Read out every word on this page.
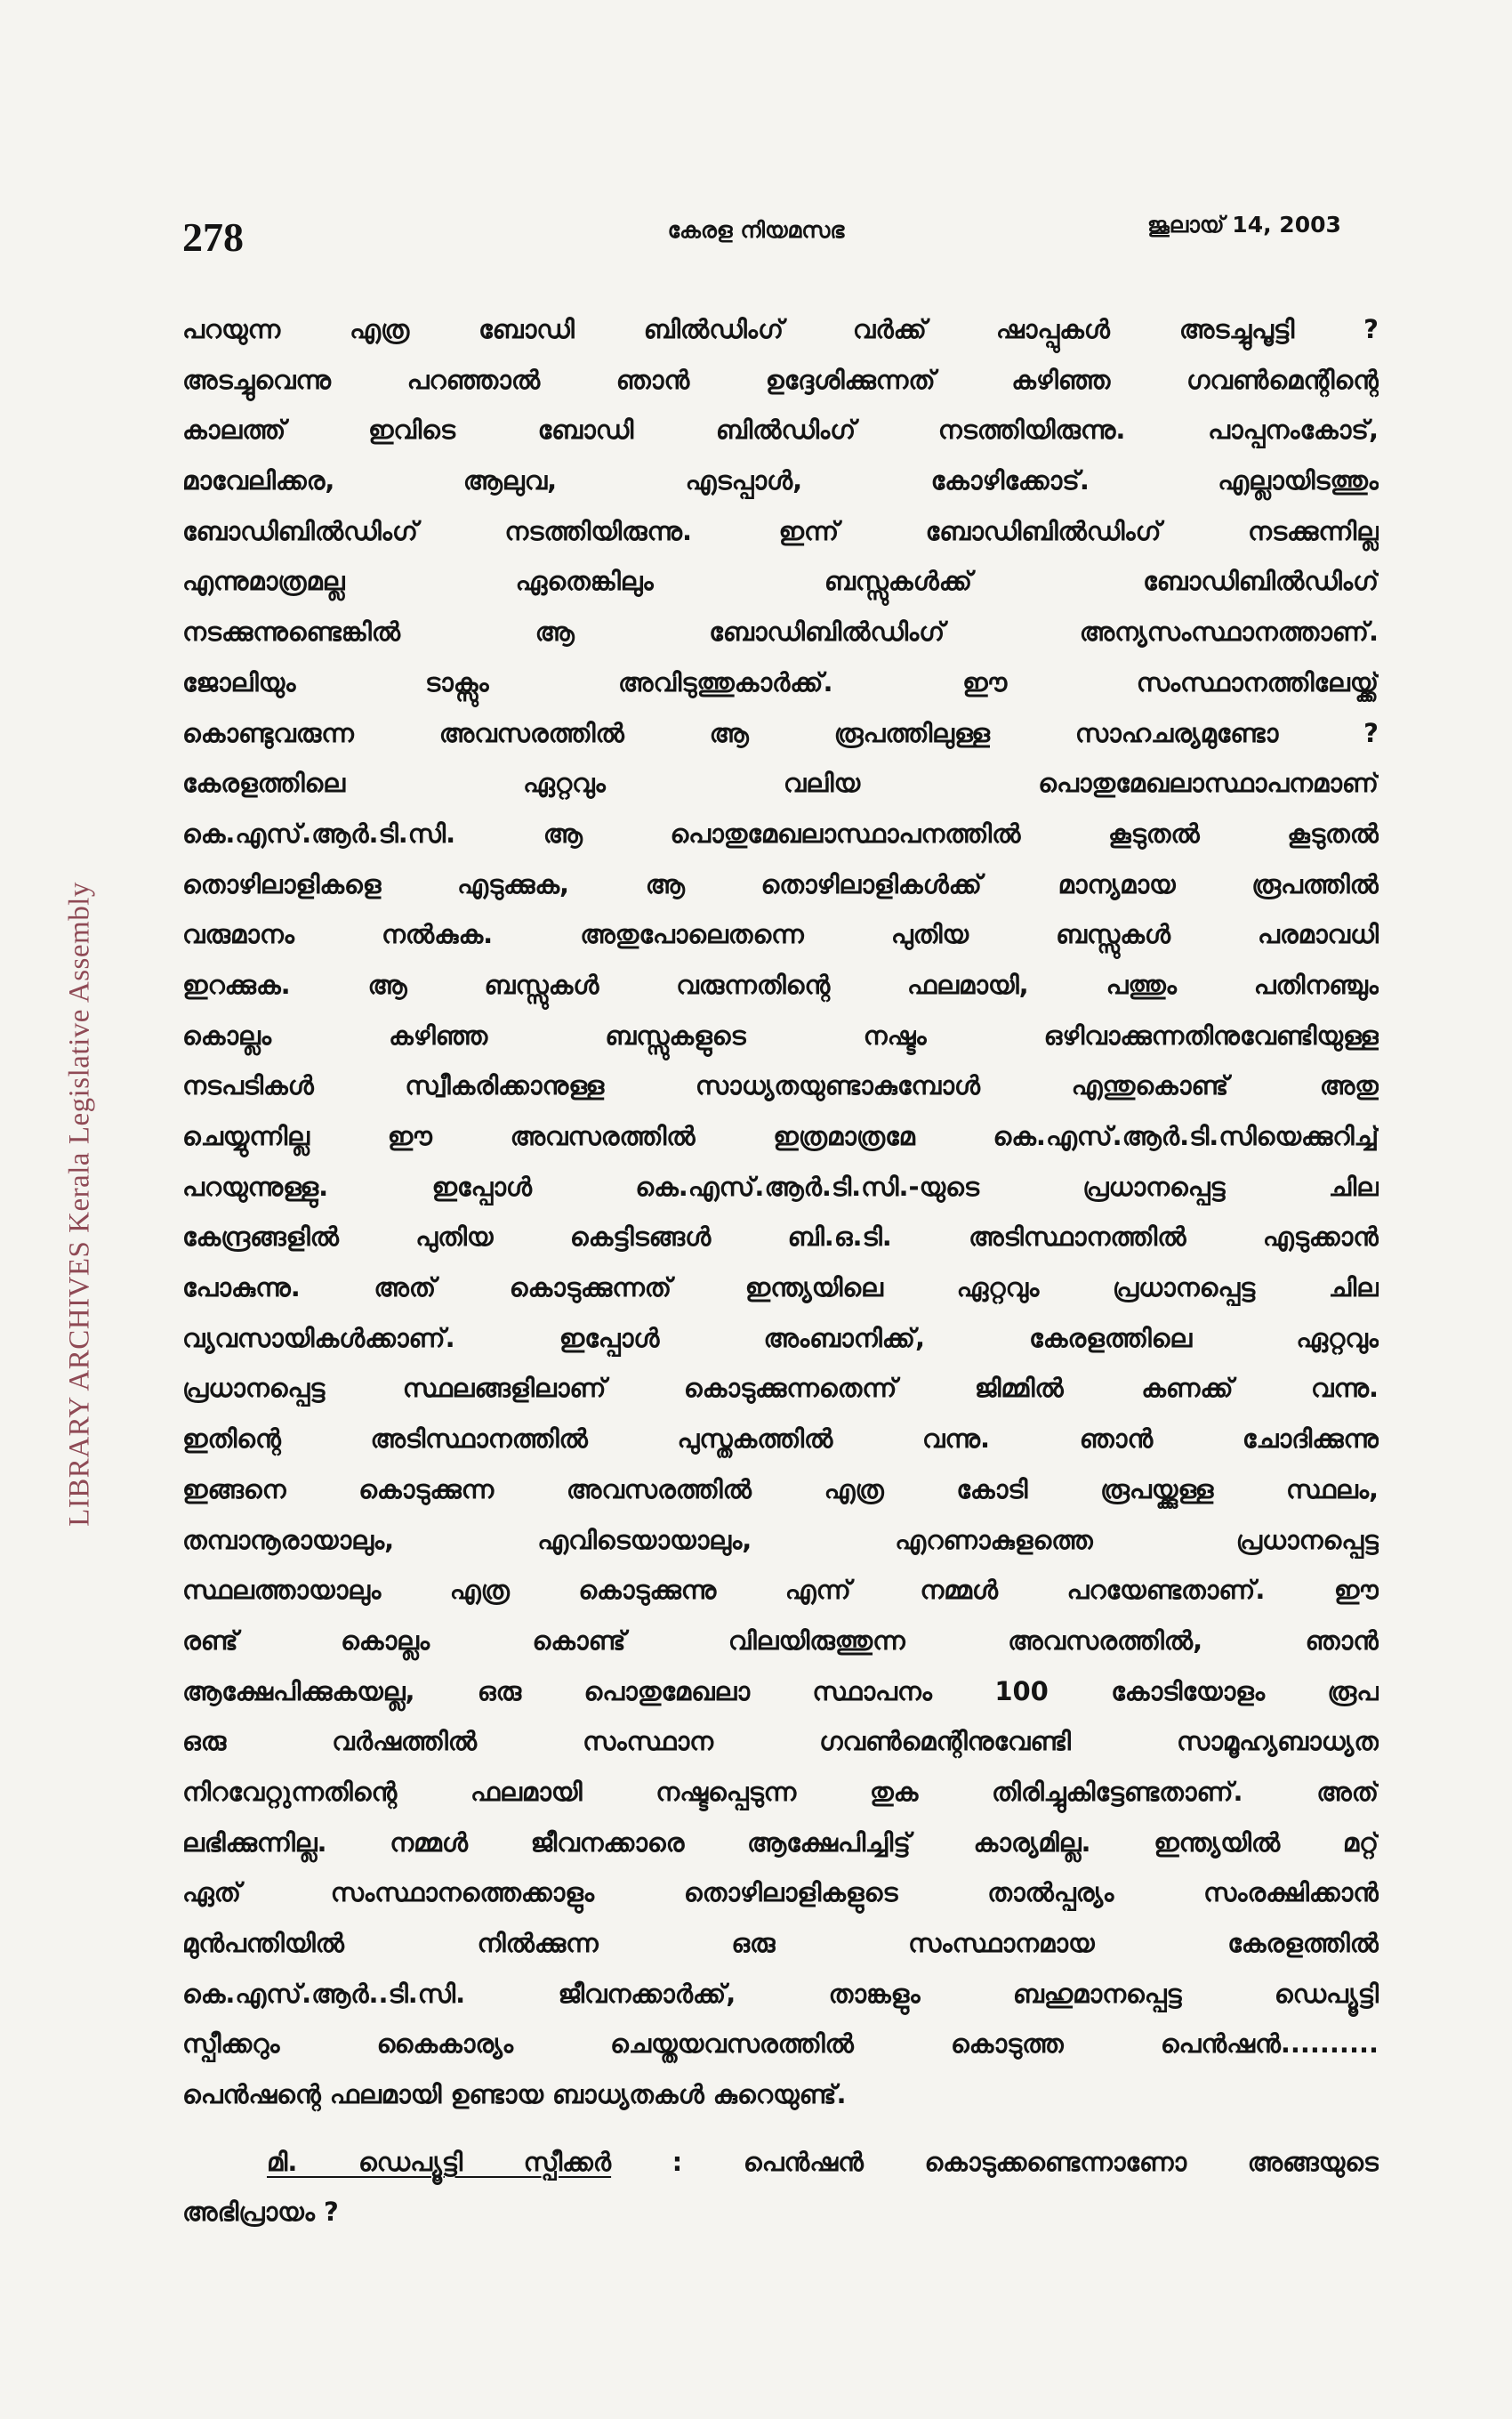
278	കേരള നിയമസഭ	ജൂലായ് 14, 2003
LIBRARY ARCHIVES Kerala Legislative Assembly
പറയുന്ന എത്ര ബോഡി ബിൽഡിംഗ് വർക്ക് ഷാപ്പുകൾ അടച്ചുപൂട്ടി ?
അടച്ചുവെന്നു പറഞ്ഞാൽ ഞാൻ ഉദ്ദേശിക്കുന്നത് കഴിഞ്ഞ ഗവൺമെന്റിന്റെ
കാലത്ത് ഇവിടെ ബോഡി ബിൽഡിംഗ് നടത്തിയിരുന്നു. പാപ്പനംകോട്,
മാവേലിക്കര, ആലുവ, എടപ്പാൾ, കോഴിക്കോട്. എല്ലായിടത്തും
ബോഡിബിൽഡിംഗ് നടത്തിയിരുന്നു. ഇന്ന് ബോഡിബിൽഡിംഗ് നടക്കുന്നില്ല
എന്നുമാത്രമല്ല ഏതെങ്കിലും ബസ്സുകൾക്ക് ബോഡിബിൽഡിംഗ്
നടക്കുന്നുണ്ടെങ്കിൽ ആ ബോഡിബിൽഡിംഗ് അന്യസംസ്ഥാനത്താണ്.
ജോലിയും ടാക്സും അവിടുത്തുകാർക്ക്. ഈ സംസ്ഥാനത്തിലേയ്ക്ക്
കൊണ്ടുവരുന്ന അവസരത്തിൽ ആ രൂപത്തിലുള്ള സാഹചര്യമുണ്ടോ ?
കേരളത്തിലെ ഏറ്റവും വലിയ പൊതുമേഖലാസ്ഥാപനമാണ്
കെ.എസ്.ആർ.ടി.സി. ആ പൊതുമേഖലാസ്ഥാപനത്തിൽ കൂടുതൽ കൂടുതൽ
തൊഴിലാളികളെ എടുക്കുക, ആ തൊഴിലാളികൾക്ക് മാന്യമായ രൂപത്തിൽ
വരുമാനം നൽകുക. അതുപോലെതന്നെ പുതിയ ബസ്സുകൾ പരമാവധി
ഇറക്കുക. ആ ബസ്സുകൾ വരുന്നതിന്റെ ഫലമായി, പത്തും പതിനഞ്ചും
കൊല്ലം കഴിഞ്ഞ ബസ്സുകളുടെ നഷ്ടം ഒഴിവാക്കുന്നതിനുവേണ്ടിയുള്ള
നടപടികൾ സ്വീകരിക്കാനുള്ള സാധ്യതയുണ്ടാകുമ്പോൾ എന്തുകൊണ്ട് അതു
ചെയ്യുന്നില്ല ഈ അവസരത്തിൽ ഇത്രമാത്രമേ കെ.എസ്.ആർ.ടി.സിയെക്കുറിച്ച്
പറയുന്നുള്ളു. ഇപ്പോൾ കെ.എസ്.ആർ.ടി.സി.-യുടെ പ്രധാനപ്പെട്ട ചില
കേന്ദ്രങ്ങളിൽ പുതിയ കെട്ടിടങ്ങൾ ബി.ഒ.ടി. അടിസ്ഥാനത്തിൽ എടുക്കാൻ
പോകുന്നു. അത് കൊടുക്കുന്നത് ഇന്ത്യയിലെ ഏറ്റവും പ്രധാനപ്പെട്ട ചില
വ്യവസായികൾക്കാണ്. ഇപ്പോൾ അംബാനിക്ക്, കേരളത്തിലെ ഏറ്റവും
പ്രധാനപ്പെട്ട സ്ഥലങ്ങളിലാണ് കൊടുക്കുന്നതെന്ന് ജിമ്മിൽ കണക്ക് വന്നു.
ഇതിന്റെ അടിസ്ഥാനത്തിൽ പുസ്തകത്തിൽ വന്നു. ഞാൻ ചോദിക്കുന്നു
ഇങ്ങനെ കൊടുക്കുന്ന അവസരത്തിൽ എത്ര കോടി രൂപയ്ക്കുള്ള സ്ഥലം,
തമ്പാനൂരായാലും, എവിടെയായാലും, എറണാകുളത്തെ പ്രധാനപ്പെട്ട
സ്ഥലത്തായാലും എത്ര കൊടുക്കുന്നു എന്ന് നമ്മൾ പറയേണ്ടതാണ്. ഈ
രണ്ട് കൊല്ലം കൊണ്ട് വിലയിരുത്തുന്ന അവസരത്തിൽ, ഞാൻ
ആക്ഷേപിക്കുകയല്ല, ഒരു പൊതുമേഖലാ സ്ഥാപനം 100 കോടിയോളം രൂപ
ഒരു വർഷത്തിൽ സംസ്ഥാന ഗവൺമെന്റിനുവേണ്ടി സാമൂഹ്യബാധ്യത
നിറവേറ്റുന്നതിന്റെ ഫലമായി നഷ്ടപ്പെടുന്ന തുക തിരിച്ചുകിട്ടേണ്ടതാണ്. അത്
ലഭിക്കുന്നില്ല. നമ്മൾ ജീവനക്കാരെ ആക്ഷേപിച്ചിട്ട് കാര്യമില്ല. ഇന്ത്യയിൽ മറ്റ്
ഏത് സംസ്ഥാനത്തെക്കാളും തൊഴിലാളികളുടെ താൽപ്പര്യം സംരക്ഷിക്കാൻ
മുൻപന്തിയിൽ നിൽക്കുന്ന ഒരു സംസ്ഥാനമായ കേരളത്തിൽ
കെ.എസ്.ആർ..ടി.സി. ജീവനക്കാർക്ക്, താങ്കളും ബഹുമാനപ്പെട്ട ഡെപ്യൂട്ടി
സ്പീക്കറും കൈകാര്യം ചെയ്തയവസരത്തിൽ കൊടുത്ത പെൻഷൻ..........
പെൻഷന്റെ ഫലമായി ഉണ്ടായ ബാധ്യതകൾ കുറെയുണ്ട്.
മി. ഡെപ്യൂട്ടി സ്പീക്കർ : പെൻഷൻ കൊടുക്കണ്ടെന്നാണോ അങ്ങയുടെ
അഭിപ്രായം ?
